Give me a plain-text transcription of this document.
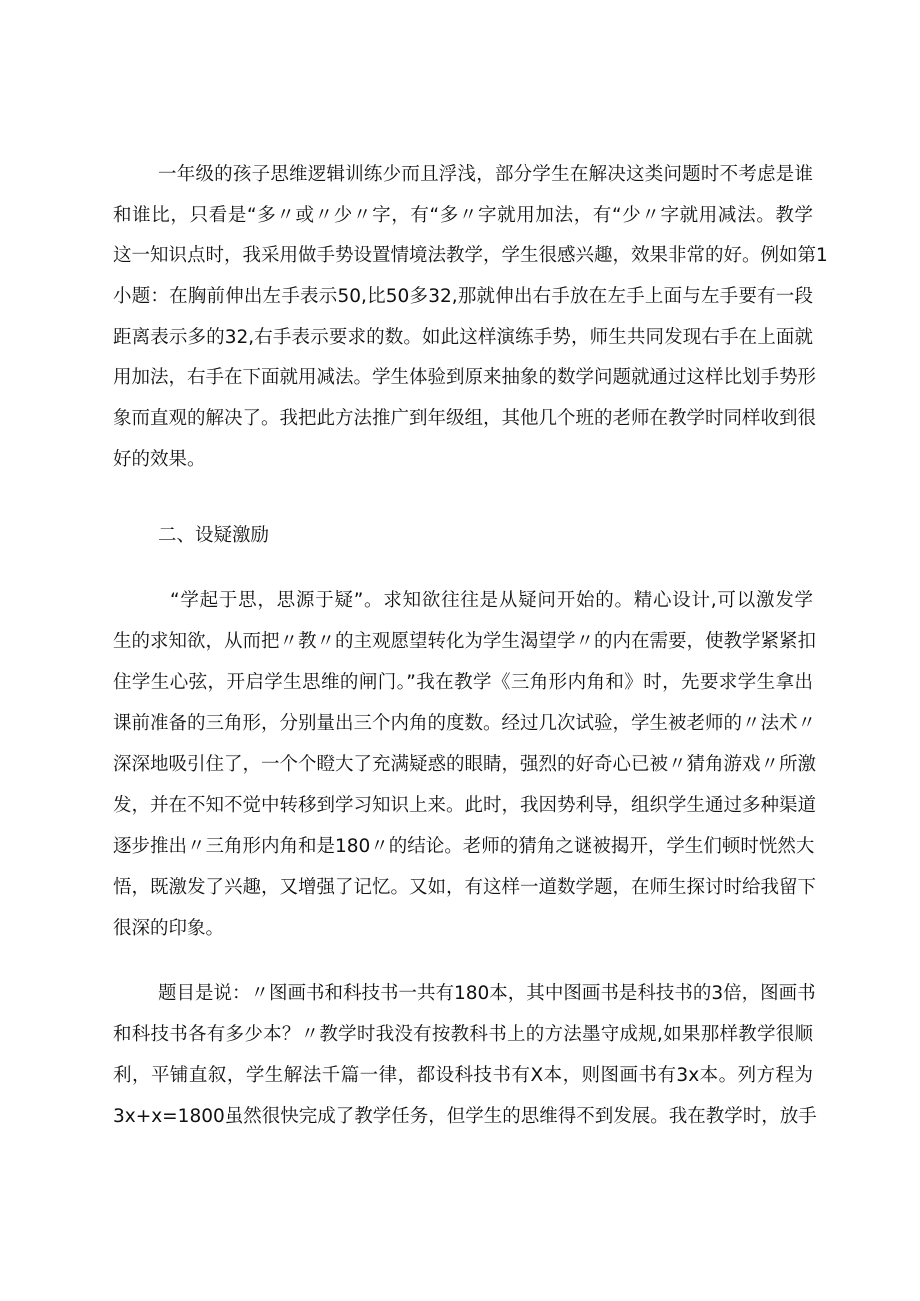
一年级的孩子思维逻辑训练少而且浮浅，部分学生在解决这类问题时不考虑是谁
和谁比，只看是“多〃或〃少〃字，有“多〃字就用加法，有“少〃字就用减法。教学
这一知识点时，我采用做手势设置情境法教学，学生很感兴趣，效果非常的好。例如第1
小题：在胸前伸出左手表示50,比50多32,那就伸出右手放在左手上面与左手要有一段
距离表示多的32,右手表示要求的数。如此这样演练手势，师生共同发现右手在上面就
用加法，右手在下面就用减法。学生体验到原来抽象的数学问题就通过这样比划手势形
象而直观的解决了。我把此方法推广到年级组，其他几个班的老师在教学时同样收到很
好的效果。
二、设疑激励
“学起于思，思源于疑”。求知欲往往是从疑问开始的。精心设计,可以激发学
生的求知欲，从而把〃教〃的主观愿望转化为学生渴望学〃的内在需要，使教学紧紧扣
住学生心弦，开启学生思维的闸门。”我在教学《三角形内角和》时，先要求学生拿出
课前准备的三角形，分别量出三个内角的度数。经过几次试验，学生被老师的〃法术〃
深深地吸引住了，一个个瞪大了充满疑惑的眼睛，强烈的好奇心已被〃猜角游戏〃所激
发，并在不知不觉中转移到学习知识上来。此时，我因势利导，组织学生通过多种渠道
逐步推出〃三角形内角和是180〃的结论。老师的猜角之谜被揭开，学生们顿时恍然大
悟，既激发了兴趣，又增强了记忆。又如，有这样一道数学题，在师生探讨时给我留下
很深的印象。
题目是说：〃图画书和科技书一共有180本，其中图画书是科技书的3倍，图画书
和科技书各有多少本？〃教学时我没有按教科书上的方法墨守成规,如果那样教学很顺
利，平铺直叙，学生解法千篇一律，都设科技书有X本，则图画书有3x本。列方程为
3x+x=1800虽然很快完成了教学任务，但学生的思维得不到发展。我在教学时，放手
